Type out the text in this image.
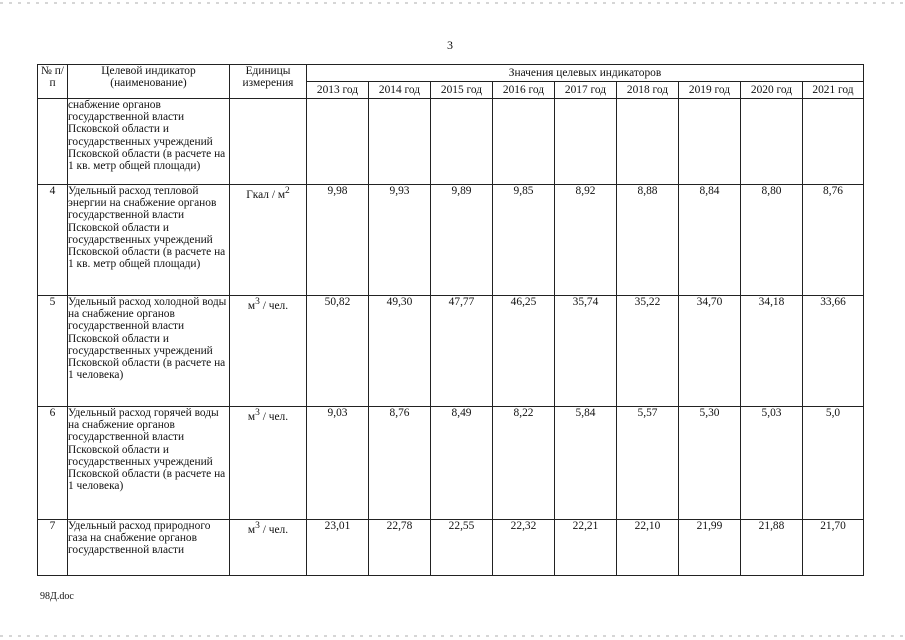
3
№ п/п	Целевой индикатор (наименование)	Единицы измерения	Значения целевых индикаторов								
			2013 год	2014 год	2015 год	2016 год	2017 год	2018 год	2019 год	2020 год	2021 год
	снабжение органов государственной власти Псковской области и государственных учреждений Псковской области (в расчете на 1 кв. метр общей площади)										
4	Удельный расход тепловой энергии на снабжение органов государственной власти Псковской области и государственных учреждений Псковской области (в расчете на 1 кв. метр общей площади)	Гкал / $м^2$	9,98	9,93	9,89	9,85	8,92	8,88	8,84	8,80	8,76
5	Удельный расход холодной воды на снабжение органов государственной власти Псковской области и государственных учреждений Псковской области (в расчете на 1 человека)	$м^3$ / чел.	50,82	49,30	47,77	46,25	35,74	35,22	34,70	34,18	33,66
6	Удельный расход горячей воды на снабжение органов государственной власти Псковской области и государственных учреждений Псковской области (в расчете на 1 человека)	$м^3$ / чел.	9,03	8,76	8,49	8,22	5,84	5,57	5,30	5,03	5,0
7	Удельный расход природного газа на снабжение органов государственной власти	$м^3$ / чел.	23,01	22,78	22,55	22,32	22,21	22,10	21,99	21,88	21,70
98Д.doc
